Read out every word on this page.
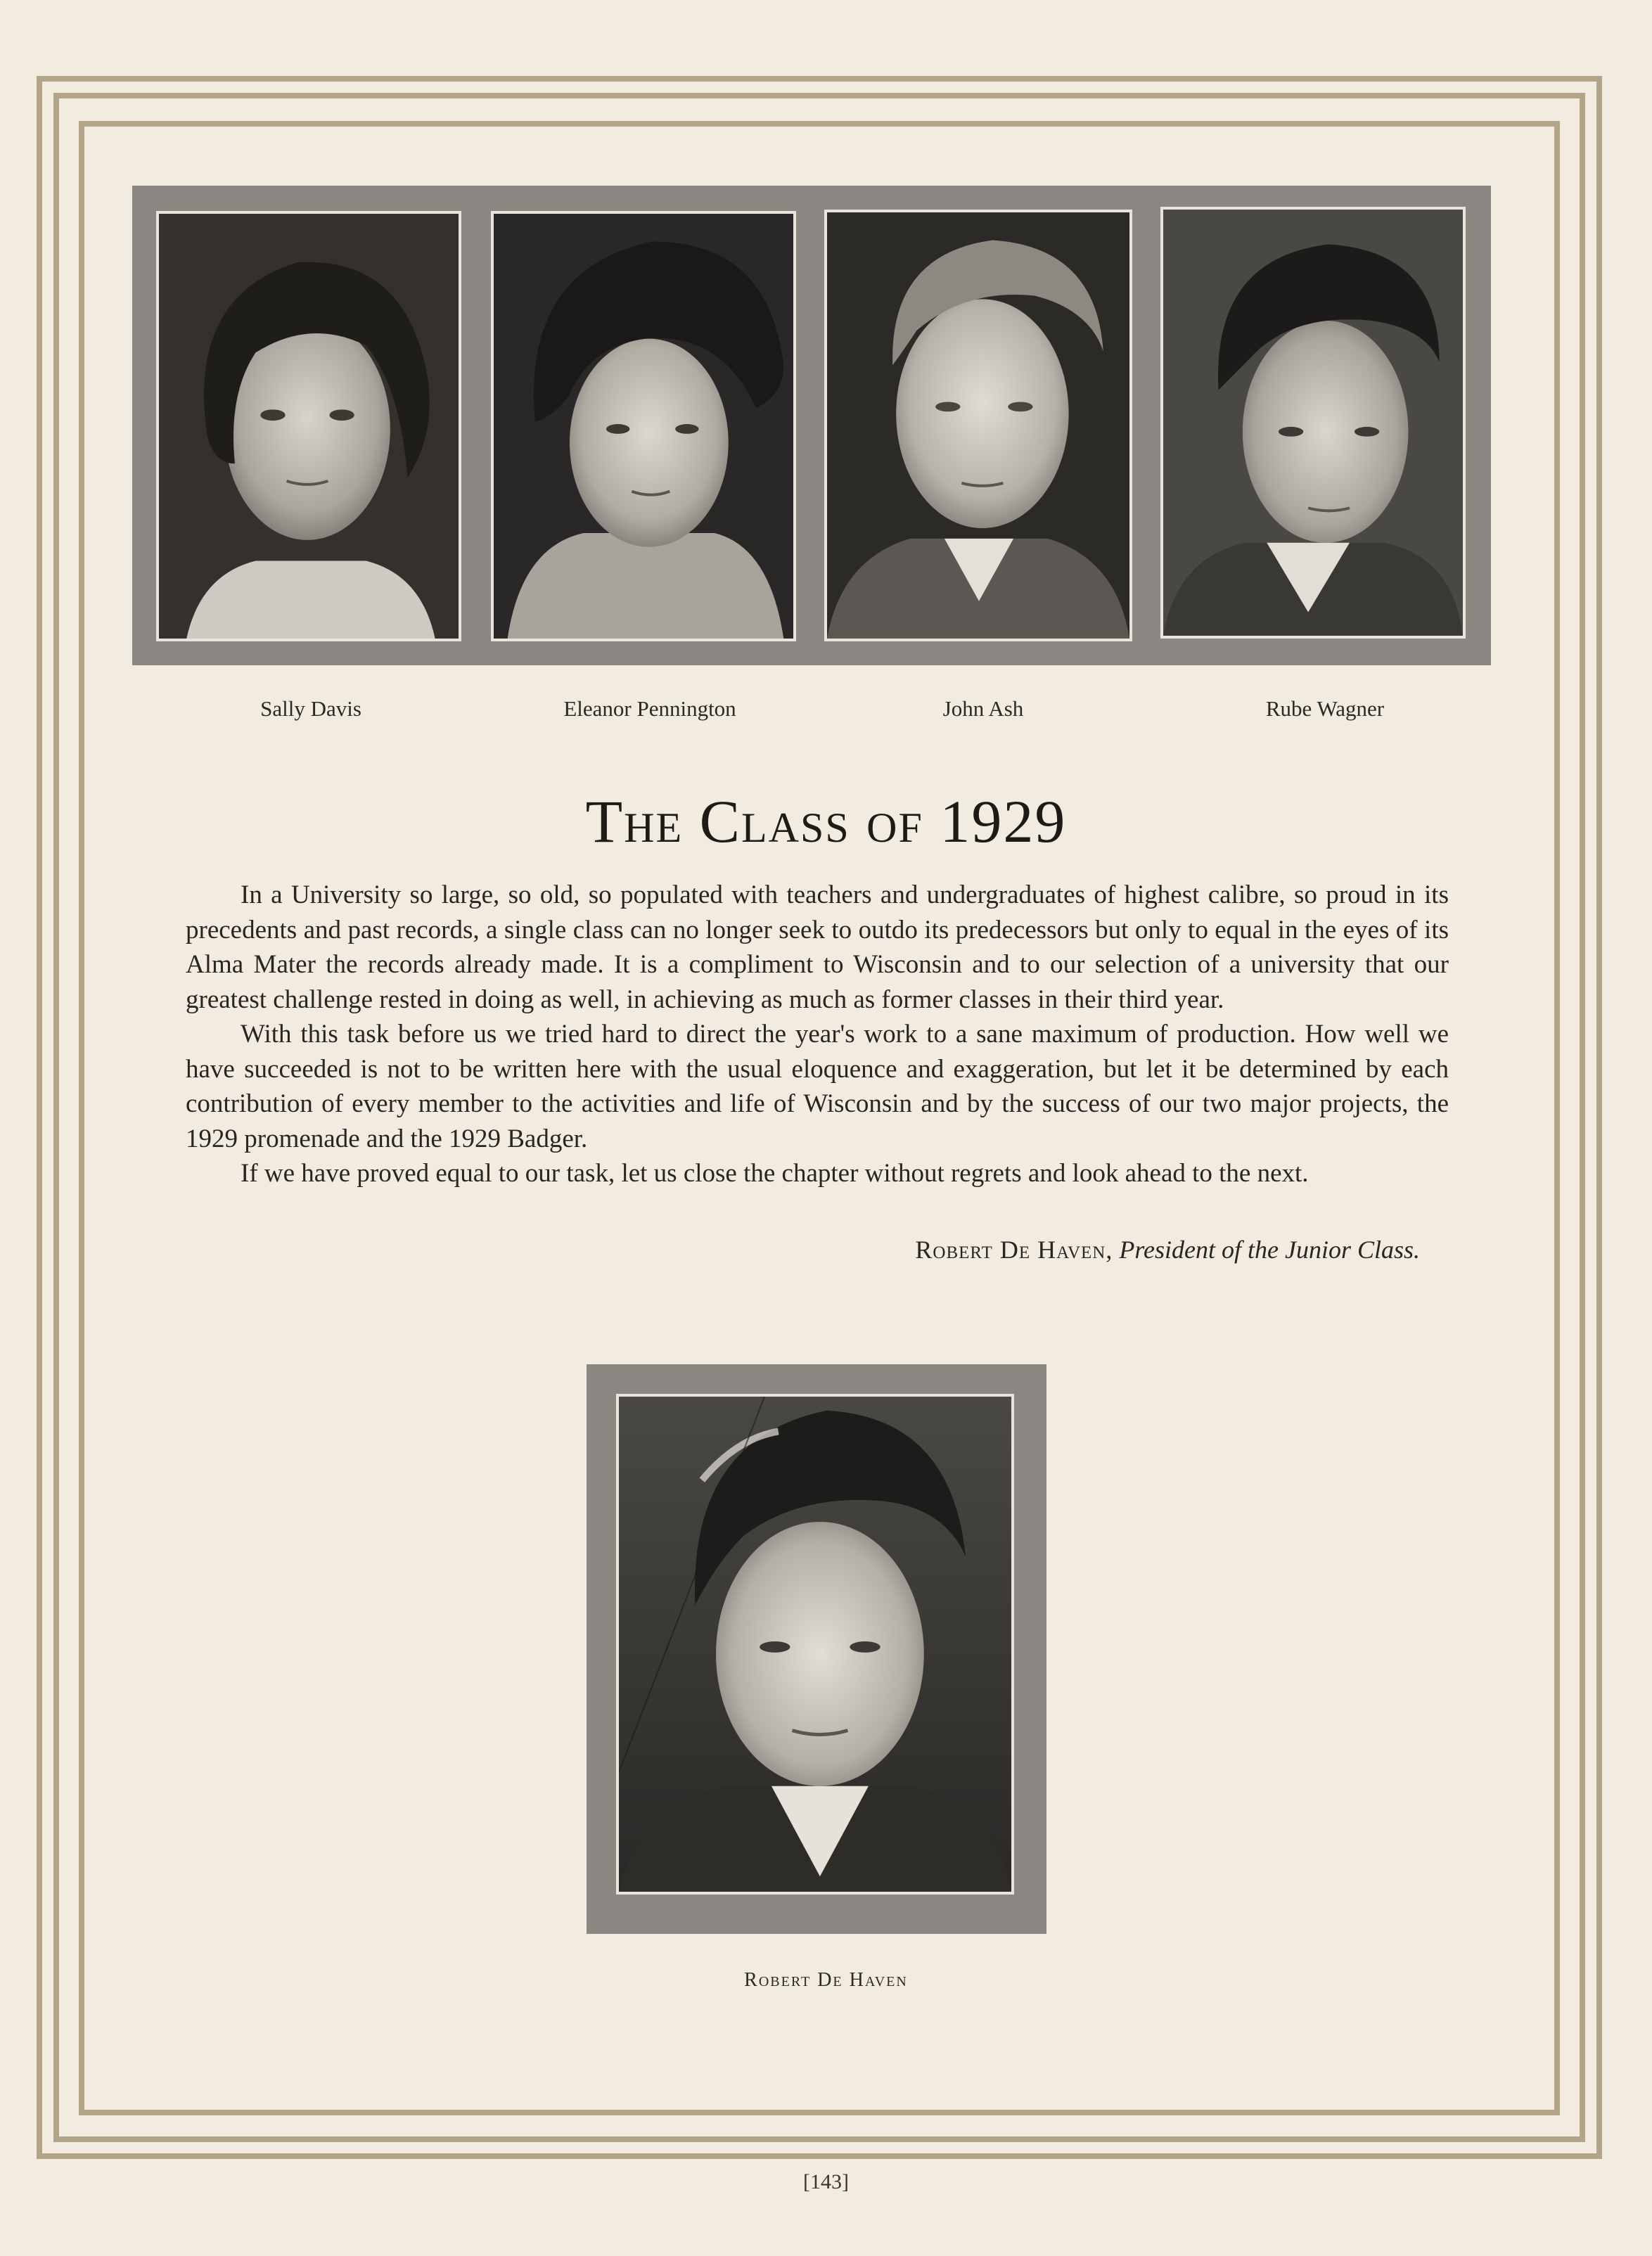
Sally Davis	Eleanor Pennington	John Ash	Rube Wagner
The Class of 1929

In a University so large, so old, so populated with teachers and undergraduates of highest calibre, so proud in its precedents and past records, a single class can no longer seek to outdo its predecessors but only to equal in the eyes of its Alma Mater the records already made. It is a compliment to Wisconsin and to our selection of a university that our greatest challenge rested in doing as well, in achieving as much as former classes in their third year.

With this task before us we tried hard to direct the year's work to a sane maximum of production. How well we have succeeded is not to be written here with the usual eloquence and exaggeration, but let it be determined by each contribution of every member to the activities and life of Wisconsin and by the success of our two major projects, the 1929 promenade and the 1929 Badger.

If we have proved equal to our task, let us close the chapter without regrets and look ahead to the next.

Robert De Haven, President of the Junior Class.
Robert De Haven
[143]
